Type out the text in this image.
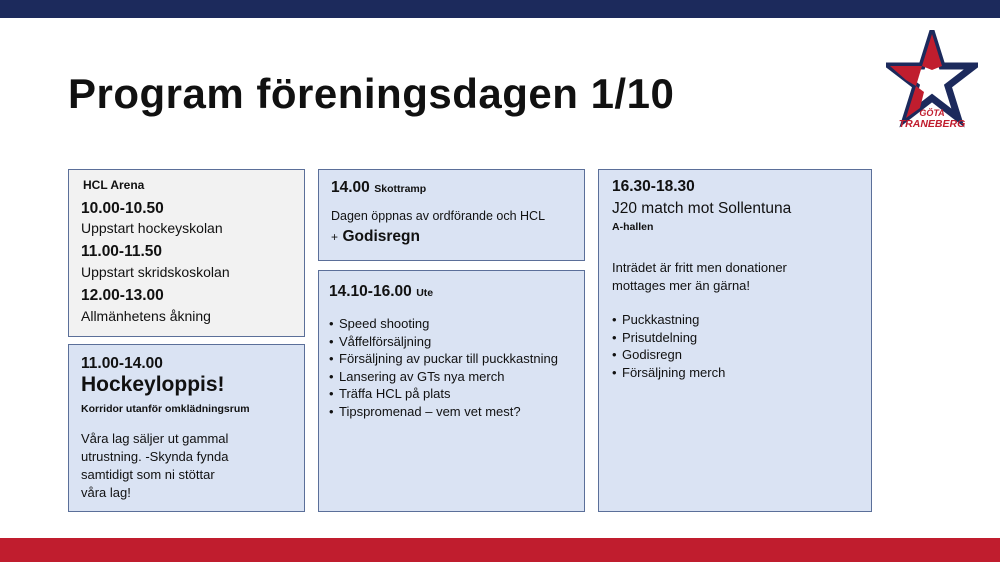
Program föreningsdagen 1/10	GÖTA
TRANEBERG
HCL Arena
10.00-10.50
Uppstart hockeyskolan
11.00-11.50
Uppstart skridskoskolan
12.00-13.00
Allmänhetens åkning
11.00-14.00
Hockeyloppis!
Korridor utanför omklädningsrum
Våra lag säljer ut gammal
utrustning. -Skynda fynda
samtidigt som ni stöttar
våra lag!
14.00 Skottramp
Dagen öppnas av ordförande och HCL
+ Godisregn
14.10-16.00 Ute
• Speed shooting
• Våffelförsäljning
• Försäljning av puckar till puckkastning
• Lansering av GTs nya merch
• Träffa HCL på plats
• Tipspromenad – vem vet mest?
16.30-18.30
J20 match mot Sollentuna
A-hallen
Inträdet är fritt men donationer
mottages mer än gärna!
• Puckkastning
• Prisutdelning
• Godisregn
• Försäljning merch
